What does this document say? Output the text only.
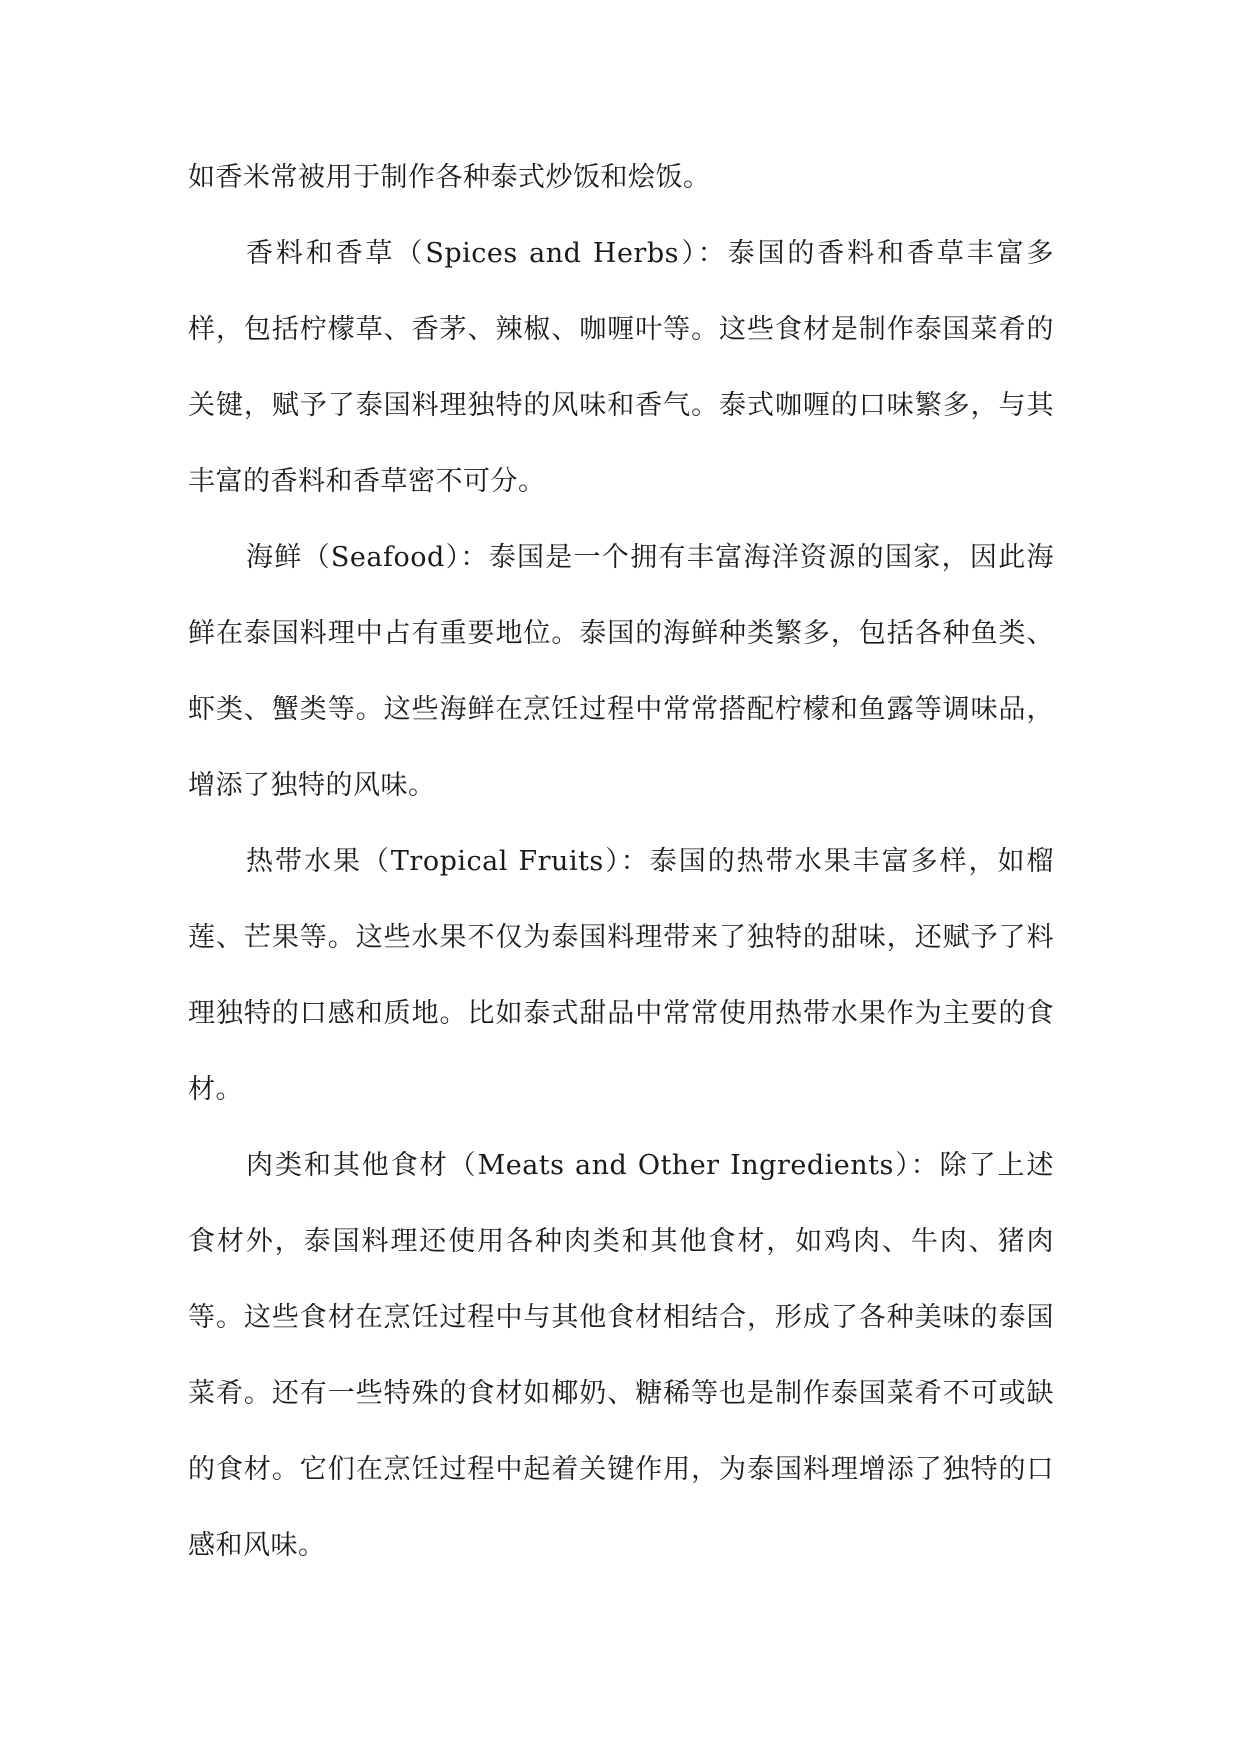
如香米常被用于制作各种泰式炒饭和烩饭。

香料和香草（Spices and Herbs）：泰国的香料和香草丰富多样，包括柠檬草、香茅、辣椒、咖喱叶等。这些食材是制作泰国菜肴的关键，赋予了泰国料理独特的风味和香气。泰式咖喱的口味繁多，与其丰富的香料和香草密不可分。

海鲜（Seafood）：泰国是一个拥有丰富海洋资源的国家，因此海鲜在泰国料理中占有重要地位。泰国的海鲜种类繁多，包括各种鱼类、虾类、蟹类等。这些海鲜在烹饪过程中常常搭配柠檬和鱼露等调味品，增添了独特的风味。

热带水果（Tropical Fruits）：泰国的热带水果丰富多样，如榴莲、芒果等。这些水果不仅为泰国料理带来了独特的甜味，还赋予了料理独特的口感和质地。比如泰式甜品中常常使用热带水果作为主要的食材。

肉类和其他食材（Meats and Other Ingredients）：除了上述食材外，泰国料理还使用各种肉类和其他食材，如鸡肉、牛肉、猪肉等。这些食材在烹饪过程中与其他食材相结合，形成了各种美味的泰国菜肴。还有一些特殊的食材如椰奶、糖稀等也是制作泰国菜肴不可或缺的食材。它们在烹饪过程中起着关键作用，为泰国料理增添了独特的口感和风味。
